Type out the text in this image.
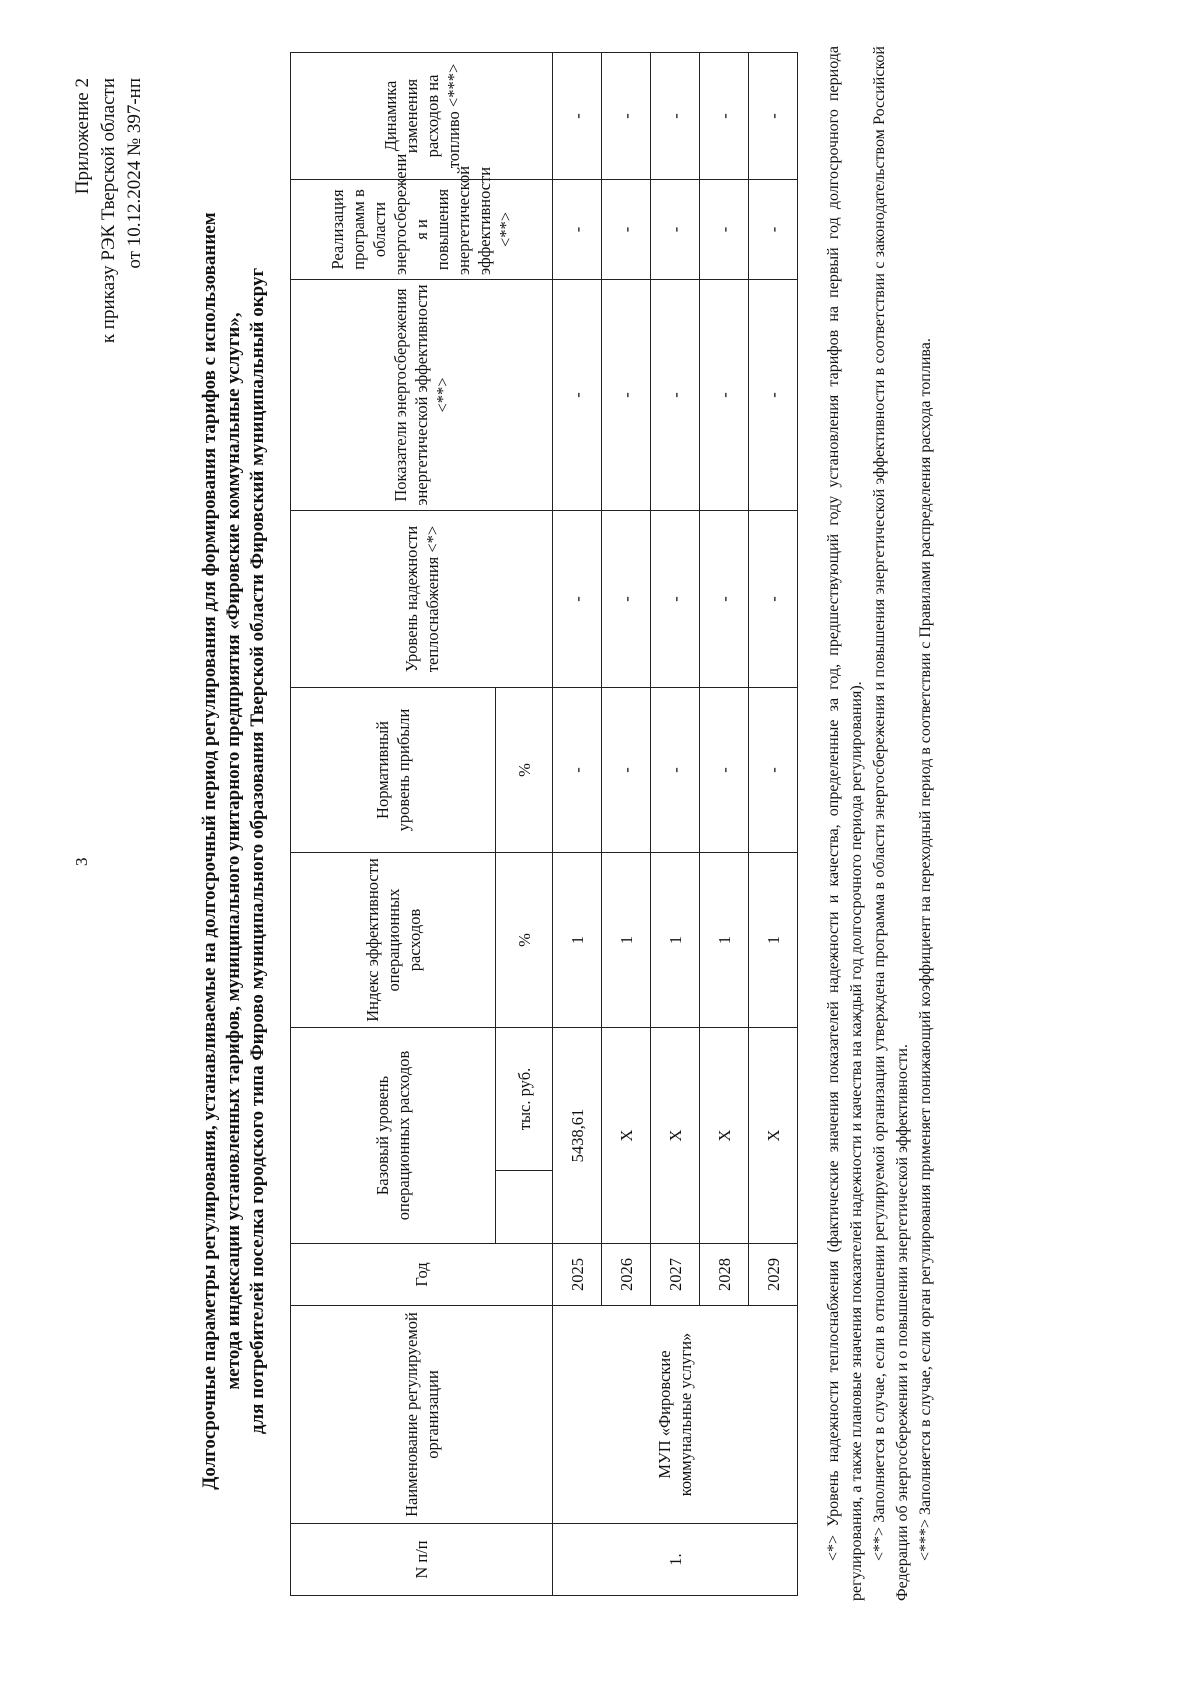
3
Приложение 2 к приказу РЭК Тверской области от 10.12.2024 № 397-нп
Долгосрочные параметры регулирования, устанавливаемые на долгосрочный период регулирования для формирования тарифов с использованием метода индексации установленных тарифов, муниципального унитарного предприятия «Фировские коммунальные услуги», для потребителей поселка городского типа Фирово муниципального образования Тверской области Фировский муниципальный округ
N п/п	Наименование регулируемой организации	Год	Базовый уровень операционных расходов		Индекс эффективности операционных расходов	Нормативный уровень прибыли	Уровень надежности теплоснабжения <*>	Показатели энергосбережения энергетической эффективности <**>	Реализация программ в области энергосбережени я и повышения энергетической эффективности <**>	Динамика изменения расходов на топливо <***>
				тыс. руб.	%	%				
1.	МУП «Фировские коммунальные услуги»	2025	5438,61		1	-	-	-	-	-
		2026	Х		1	-	-	-	-	-
		2027	Х		1	-	-	-	-	-
		2028	Х		1	-	-	-	-	-
		2029	Х		1	-	-	-	-	-	<*> Уровень надежности теплоснабжения (фактические значения показателей надежности и качества, определенные за год, предшествующий году установления тарифов на первый год долгосрочного периода регулирования, а также плановые значения показателей надежности и качества на каждый год долгосрочного периода регулирования). <**> Заполняется в случае, если в отношении регулируемой организации утверждена программа в области энергосбережения и повышения энергетической эффективности в соответствии с законодательством Российской Федерации об энергосбережении и о повышении энергетической эффективности. <***> Заполняется в случае, если орган регулирования применяет понижающий коэффициент на переходный период в соответствии с Правилами распределения расхода топлива.
